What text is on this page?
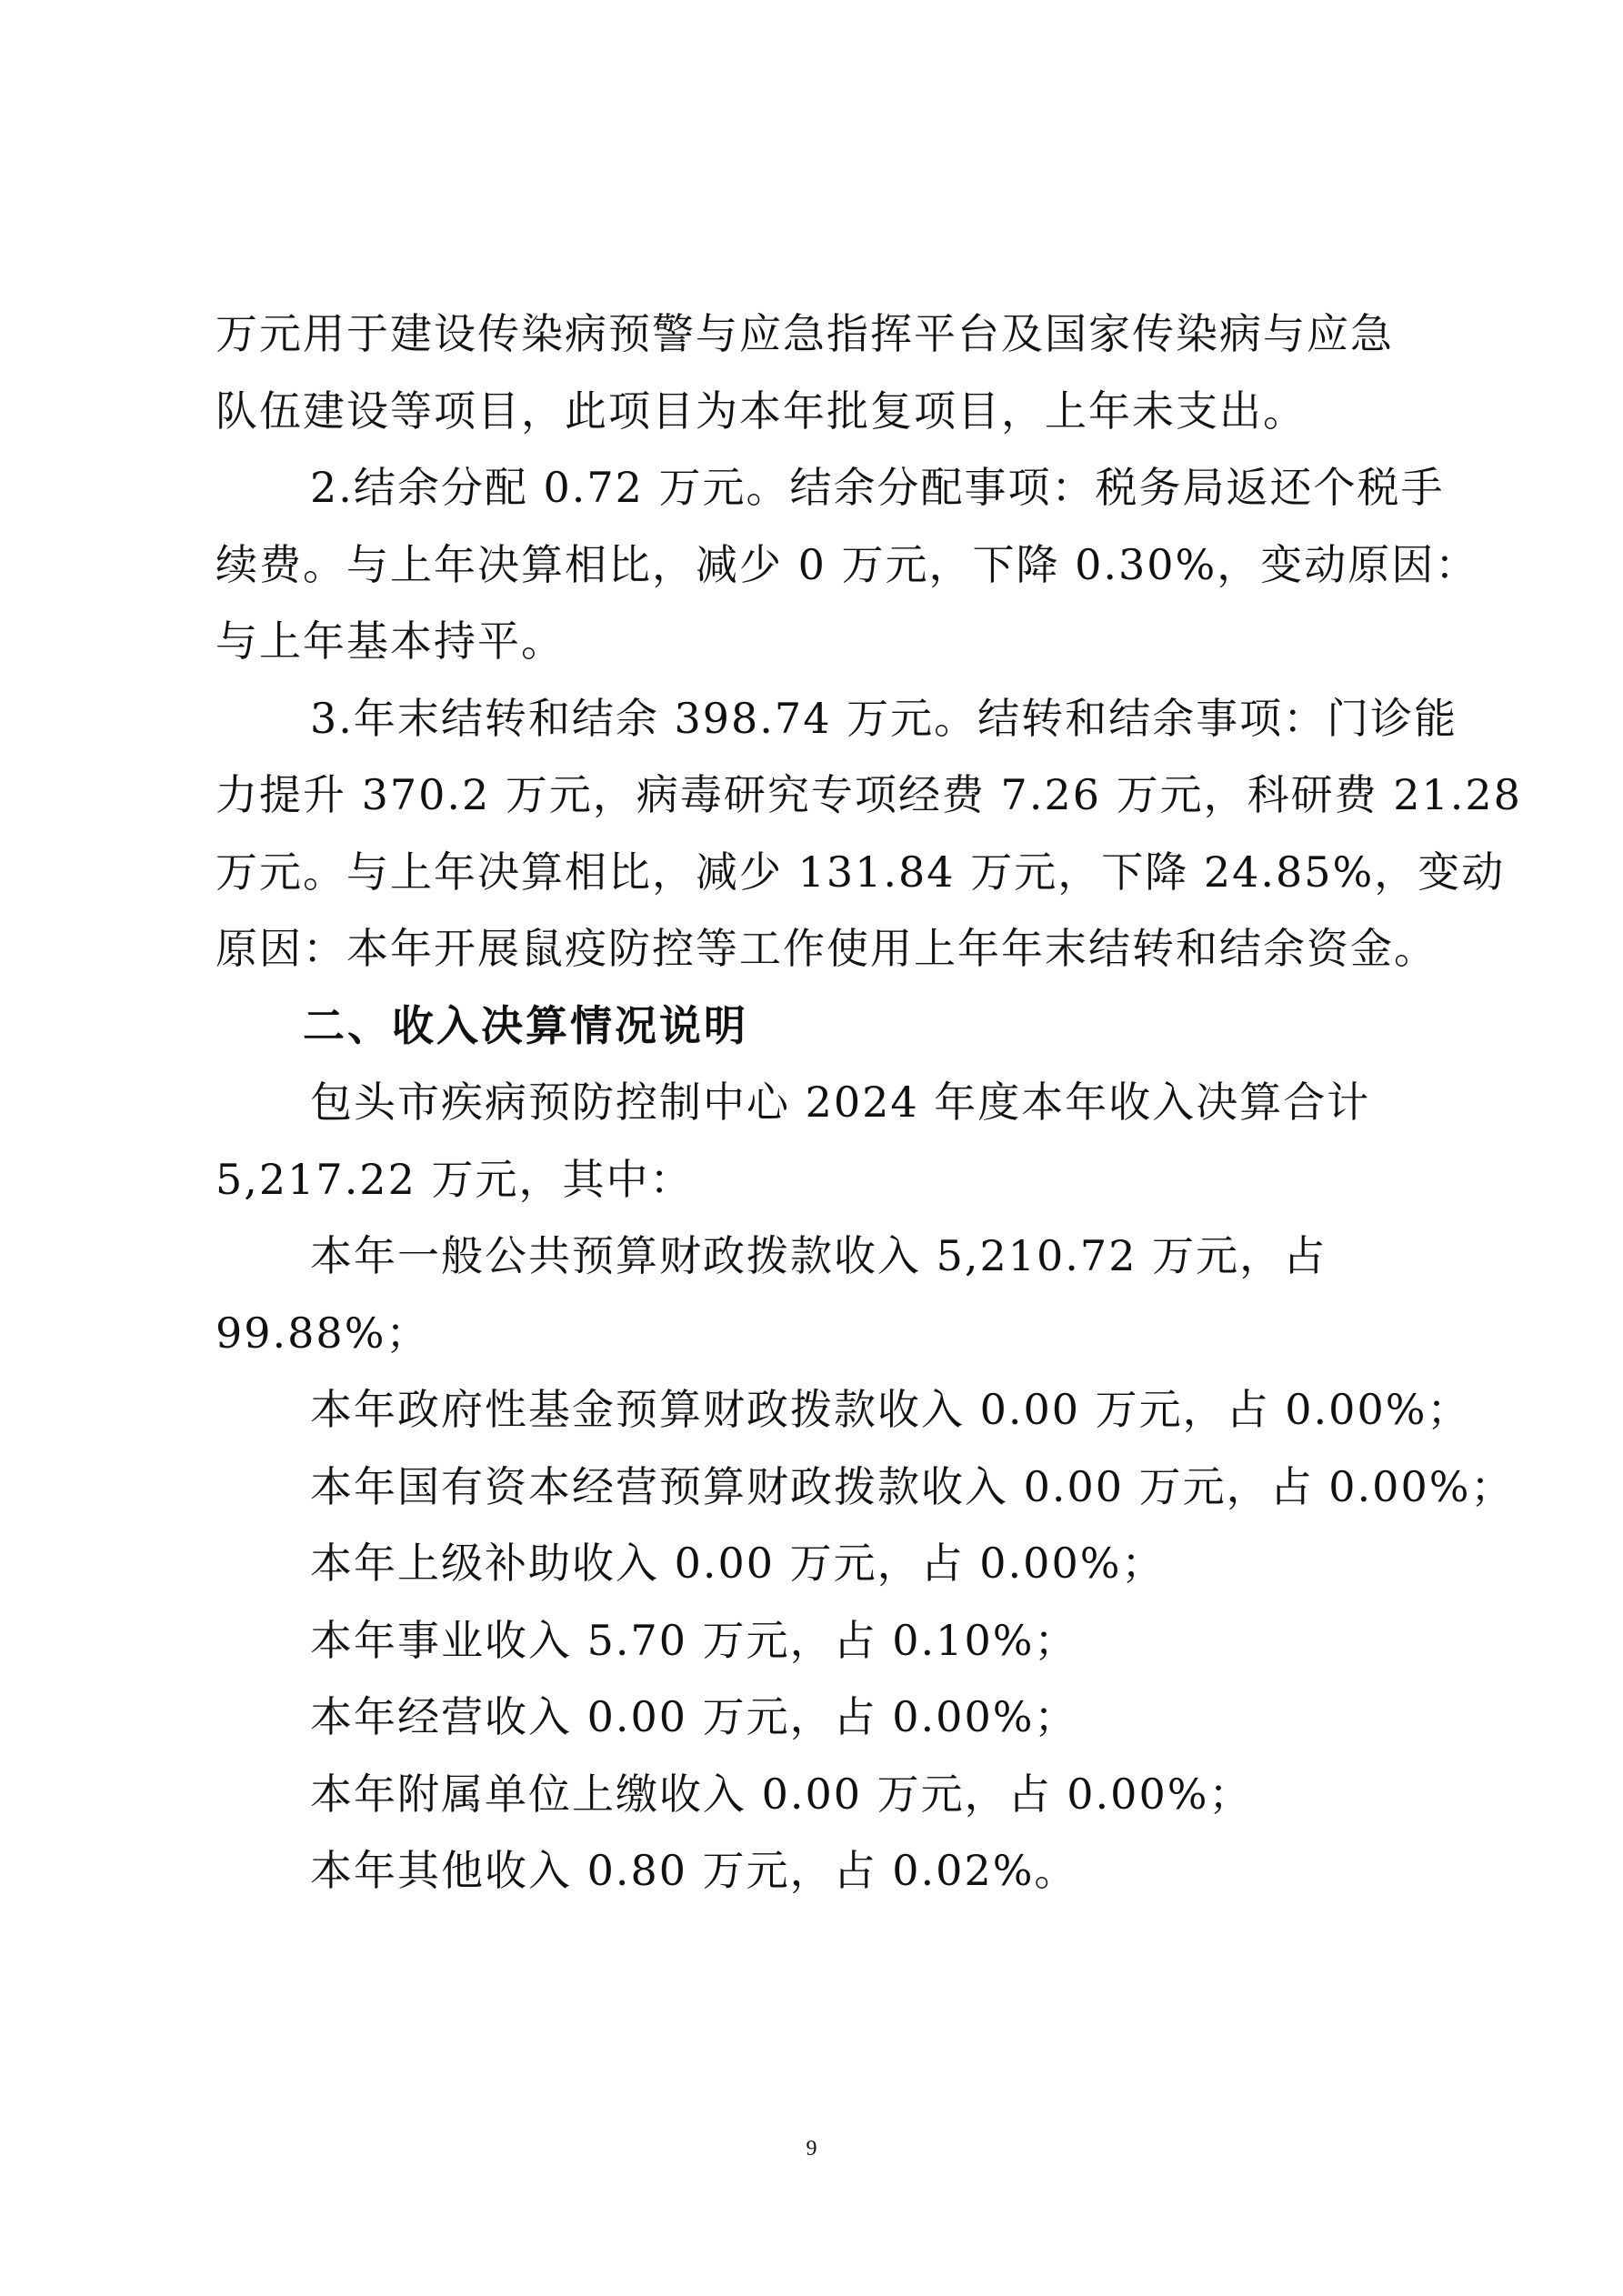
万元用于建设传染病预警与应急指挥平台及国家传染病与应急
队伍建设等项目，此项目为本年批复项目，上年未支出。
2.结余分配 0.72 万元。结余分配事项：税务局返还个税手
续费。与上年决算相比，减少 0 万元，下降 0.30%，变动原因：
与上年基本持平。
3.年末结转和结余 398.74 万元。结转和结余事项：门诊能
力提升 370.2 万元，病毒研究专项经费 7.26 万元，科研费 21.28
万元。与上年决算相比，减少 131.84 万元，下降 24.85%，变动
原因：本年开展鼠疫防控等工作使用上年年末结转和结余资金。
二、收入决算情况说明
包头市疾病预防控制中心 2024 年度本年收入决算合计
5,217.22 万元，其中：
本年一般公共预算财政拨款收入 5,210.72 万元，占
99.88%；
本年政府性基金预算财政拨款收入 0.00 万元，占 0.00%；
本年国有资本经营预算财政拨款收入 0.00 万元，占 0.00%；
本年上级补助收入 0.00 万元，占 0.00%；
本年事业收入 5.70 万元，占 0.10%；
本年经营收入 0.00 万元，占 0.00%；
本年附属单位上缴收入 0.00 万元，占 0.00%；
本年其他收入 0.80 万元，占 0.02%。
9
